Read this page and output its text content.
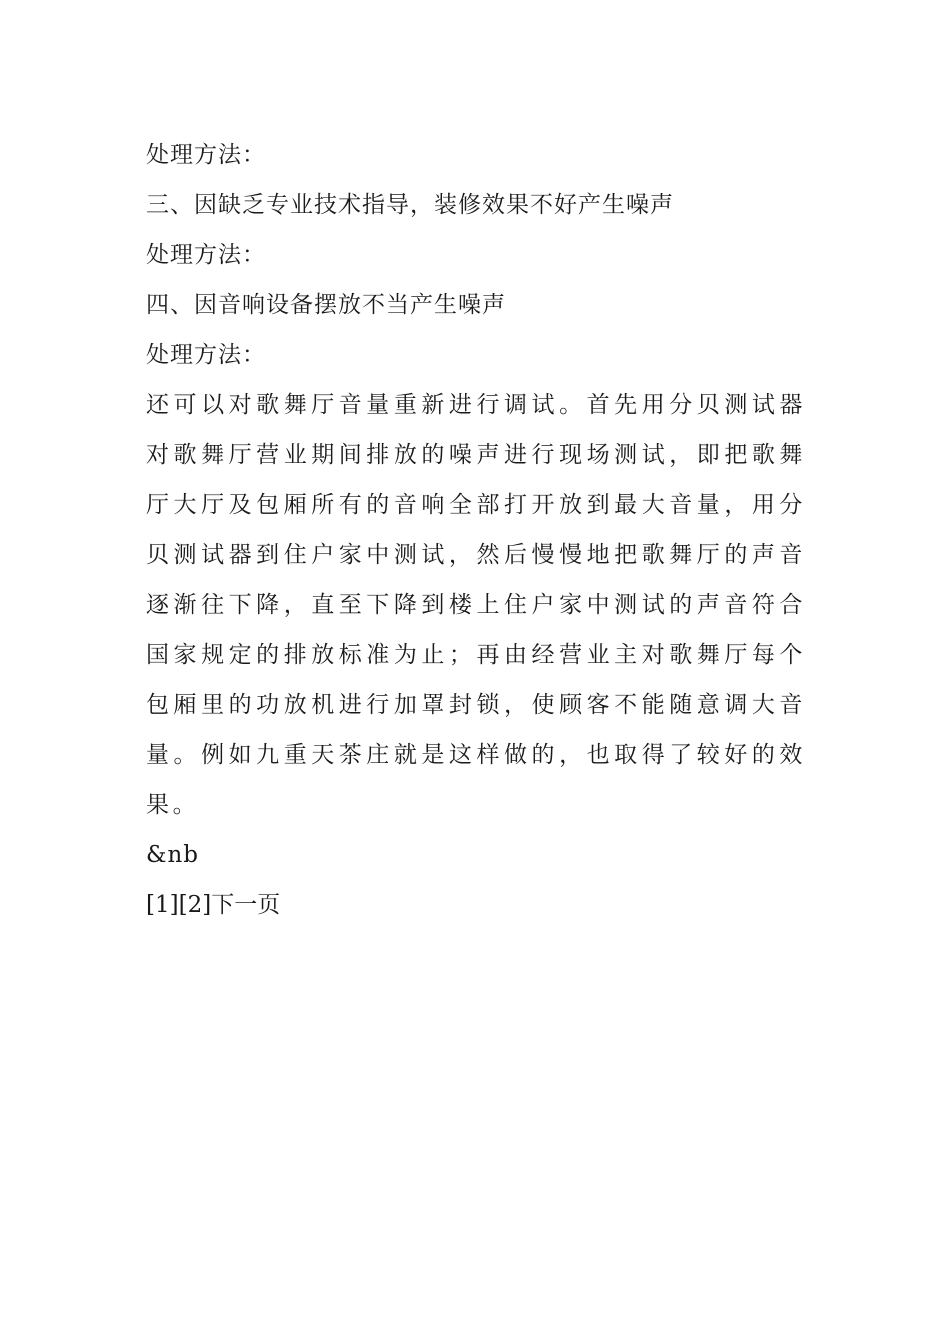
处理方法：
三、因缺乏专业技术指导，装修效果不好产生噪声
处理方法：
四、因音响设备摆放不当产生噪声
处理方法：
还可以对歌舞厅音量重新进行调试。首先用分贝测试器对歌舞厅营业期间排放的噪声进行现场测试，即把歌舞厅大厅及包厢所有的音响全部打开放到最大音量，用分贝测试器到住户家中测试，然后慢慢地把歌舞厅的声音逐渐往下降，直至下降到楼上住户家中测试的声音符合国家规定的排放标准为止；再由经营业主对歌舞厅每个包厢里的功放机进行加罩封锁，使顾客不能随意调大音量。例如九重天茶庄就是这样做的，也取得了较好的效果。
&nb
[1][2]下一页
